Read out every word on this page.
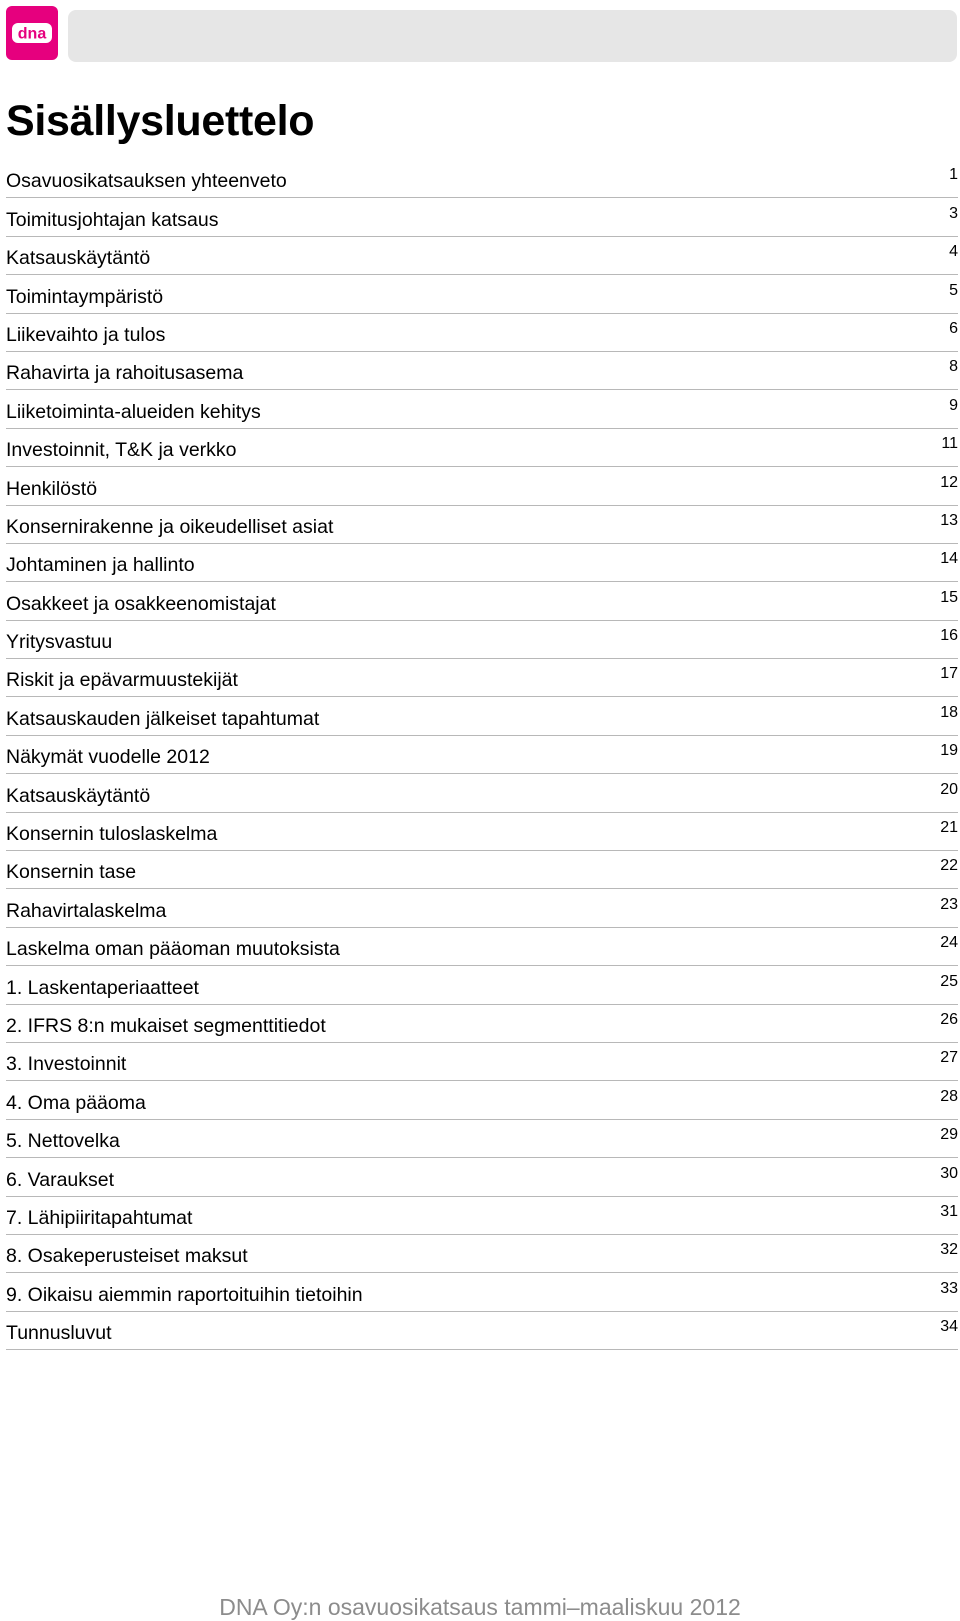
dna
Sisällysluettelo
Osavuosikatsauksen yhteenveto	1
Toimitusjohtajan katsaus	3
Katsauskäytäntö	4
Toimintaympäristö	5
Liikevaihto ja tulos	6
Rahavirta ja rahoitusasema	8
Liiketoiminta-alueiden kehitys	9
Investoinnit, T&K ja verkko	11
Henkilöstö	12
Konsernirakenne ja oikeudelliset asiat	13
Johtaminen ja hallinto	14
Osakkeet ja osakkeenomistajat	15
Yritysvastuu	16
Riskit ja epävarmuustekijät	17
Katsauskauden jälkeiset tapahtumat	18
Näkymät vuodelle 2012	19
Katsauskäytäntö	20
Konsernin tuloslaskelma	21
Konsernin tase	22
Rahavirtalaskelma	23
Laskelma oman pääoman muutoksista	24
1. Laskentaperiaatteet	25
2. IFRS 8:n mukaiset segmenttitiedot	26
3. Investoinnit	27
4. Oma pääoma	28
5. Nettovelka	29
6. Varaukset	30
7. Lähipiiritapahtumat	31
8. Osakeperusteiset maksut	32
9. Oikaisu aiemmin raportoituihin tietoihin	33
Tunnusluvut	34
DNA Oy:n osavuosikatsaus tammi–maaliskuu 2012
